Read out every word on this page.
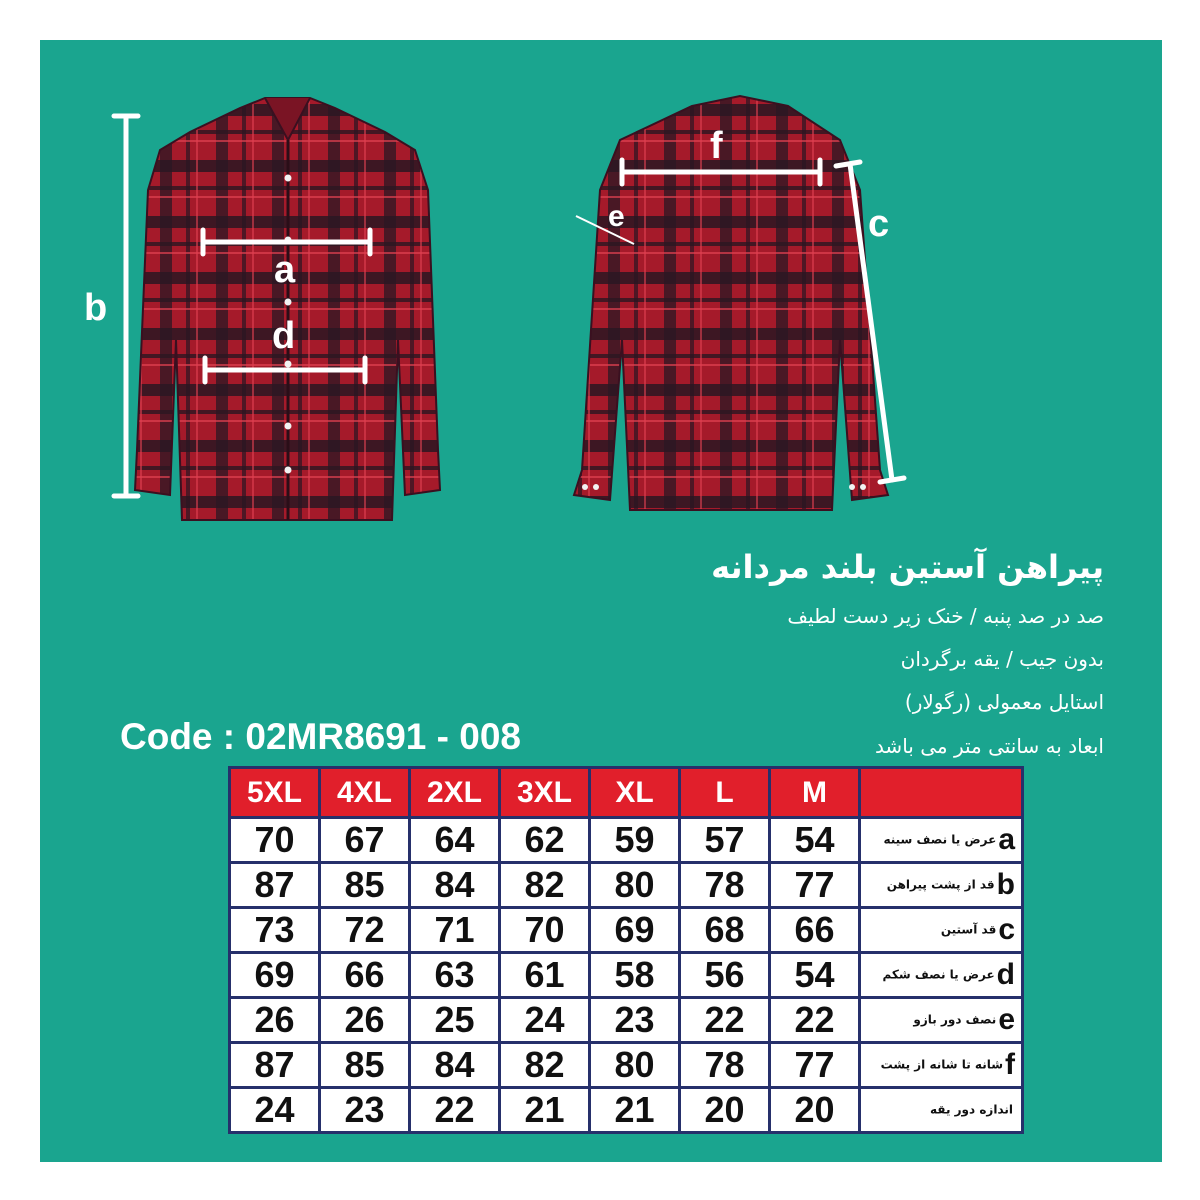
b
a
d
f
c
e
پیراهن آستین بلند مردانه
صد در صد پنبه / خنک زیر دست لطیف
بدون جیب / یقه برگردان
استایل معمولی (رگولار)
ابعاد به سانتی متر می باشد
Code : 02MR8691 - 008
5XL	4XL	2XL	3XL	XL	L	M	
70	67	64	62	59	57	54	aعرض یا نصف سینه
87	85	84	82	80	78	77	bقد از پشت پیراهن
73	72	71	70	69	68	66	cقد آستین
69	66	63	61	58	56	54	dعرض یا نصف شکم
26	26	25	24	23	22	22	eنصف دور بازو
87	85	84	82	80	78	77	fشانه تا شانه از پشت
24	23	22	21	21	20	20	اندازه دور یقه
